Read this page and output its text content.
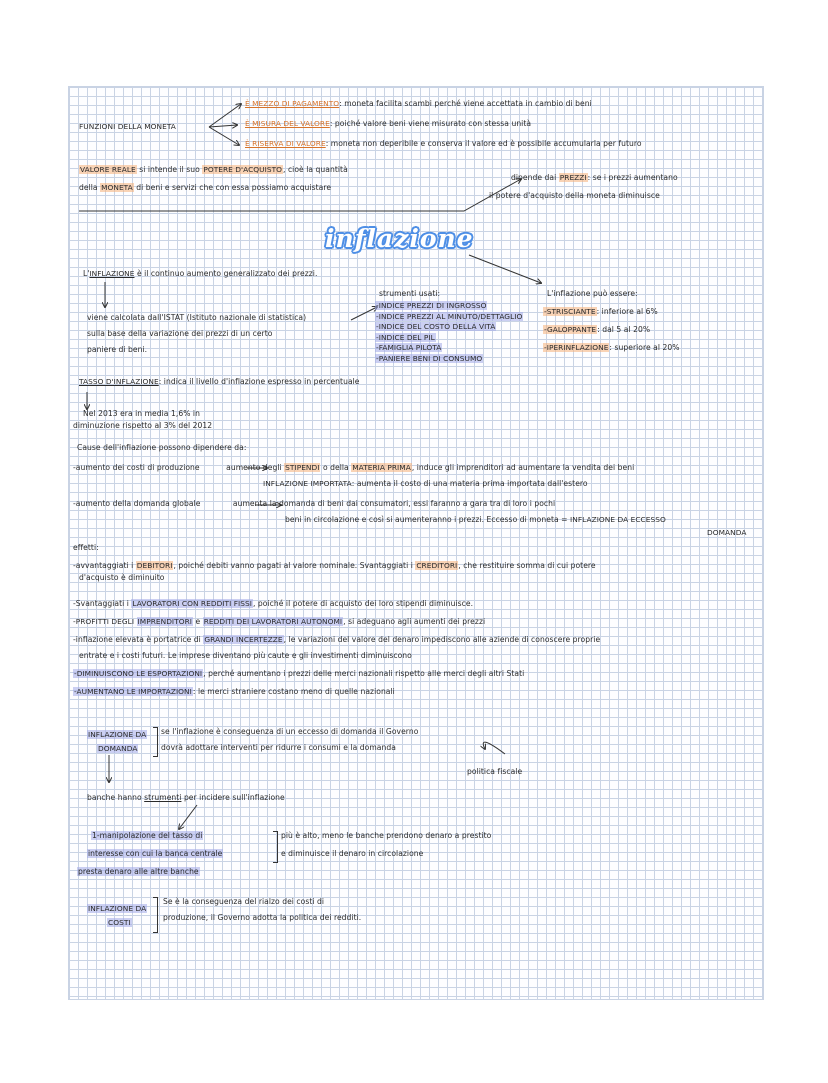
FUNZIONI DELLA MONETA
È MEZZO DI PAGAMENTO: moneta facilita scambi perché viene accettata in cambio di beni
È MISURA DEL VALORE: poiché valore beni viene misurato con stessa unità
È RISERVA DI VALORE: moneta non deperibile e conserva il valore ed è possibile accumularla per futuro
VALORE REALE si intende il suo POTERE D'ACQUISTO, cioè la quantità
della MONETA di beni e servizi che con essa possiamo acquistare
dipende dai PREZZI: se i prezzi aumentano
il potere d'acquisto della moneta diminuisce
inflazione
L'INFLAZIONE è il continuo aumento generalizzato dei prezzi.
viene calcolata dall'ISTAT (Istituto nazionale di statistica)
sulla base della variazione dei prezzi di un certo
paniere di beni.
strumenti usati:
-INDICE PREZZI DI INGROSSO
-INDICE PREZZI AL MINUTO/DETTAGLIO
-INDICE DEL COSTO DELLA VITA
-INDICE DEL PIL
-FAMIGLIA PILOTA
-PANIERE BENI DI CONSUMO
L'inflazione può essere:
-STRISCIANTE: inferiore al 6%
-GALOPPANTE: dal 5 al 20%
-IPERINFLAZIONE: superiore al 20%
TASSO D'INFLAZIONE: indica il livello d'inflazione espresso in percentuale
Nel 2013 era in media 1,6% in
diminuzione rispetto al 3% del 2012
Cause dell'inflazione possono dipendere da:
-aumento dei costi di produzione	aumento degli STIPENDI o della MATERIA PRIMA, induce gli imprenditori ad aumentare la vendita dei beni
INFLAZIONE IMPORTATA: aumenta il costo di una materia prima importata dall'estero
-aumento della domanda globale	aumenta la domanda di beni dai consumatori, essi faranno a gara tra di loro i pochi
beni in circolazione e così si aumenteranno i prezzi. Eccesso di moneta = INFLAZIONE DA ECCESSO
DOMANDA
effetti:
-avvantaggiati i DEBITORI, poiché debiti vanno pagati al valore nominale. Svantaggiati i CREDITORI, che restituire somma di cui potere
d'acquisto è diminuito
-Svantaggiati i LAVORATORI CON REDDITI FISSI, poiché il potere di acquisto dei loro stipendi diminuisce.
-PROFITTI DEGLI IMPRENDITORI e REDDITI DEI LAVORATORI AUTONOMI, si adeguano agli aumenti dei prezzi
-inflazione elevata è portatrice di GRANDI INCERTEZZE, le variazioni del valore del denaro impediscono alle aziende di conoscere proprie
entrate e i costi futuri. Le imprese diventano più caute e gli investimenti diminuiscono
-DIMINUISCONO LE ESPORTAZIONI, perché aumentano i prezzi delle merci nazionali rispetto alle merci degli altri Stati
-AUMENTANO LE IMPORTAZIONI: le merci straniere costano meno di quelle nazionali
INFLAZIONE DA
DOMANDA
se l'inflazione è conseguenza di un eccesso di domanda il Governo
dovrà adottare interventi per ridurre i consumi e la domanda
politica fiscale
banche hanno strumenti per incidere sull'inflazione
1-manipolazione del tasso di
interesse con cui la banca centrale
presta denaro alle altre banche
più è alto, meno le banche prendono denaro a prestito
e diminuisce il denaro in circolazione
INFLAZIONE DA
COSTI
Se è la conseguenza del rialzo dei costi di
produzione, il Governo adotta la politica dei redditi.
